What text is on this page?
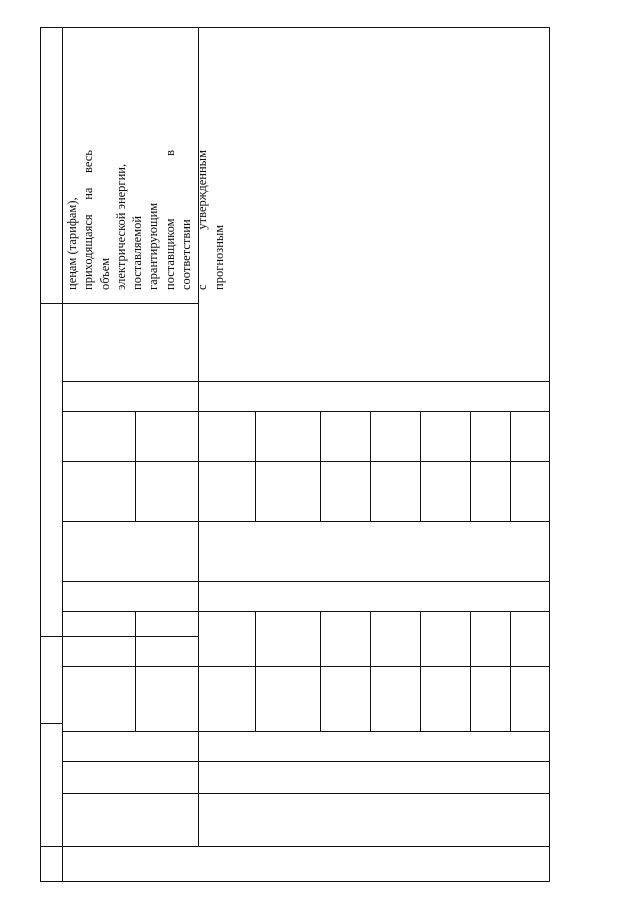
цеңам (тарифам), приходящаяся на весь объем электрической энергии, поставляемой гарантирующим поставщиком в соответствии с утвержденным прогнозным
